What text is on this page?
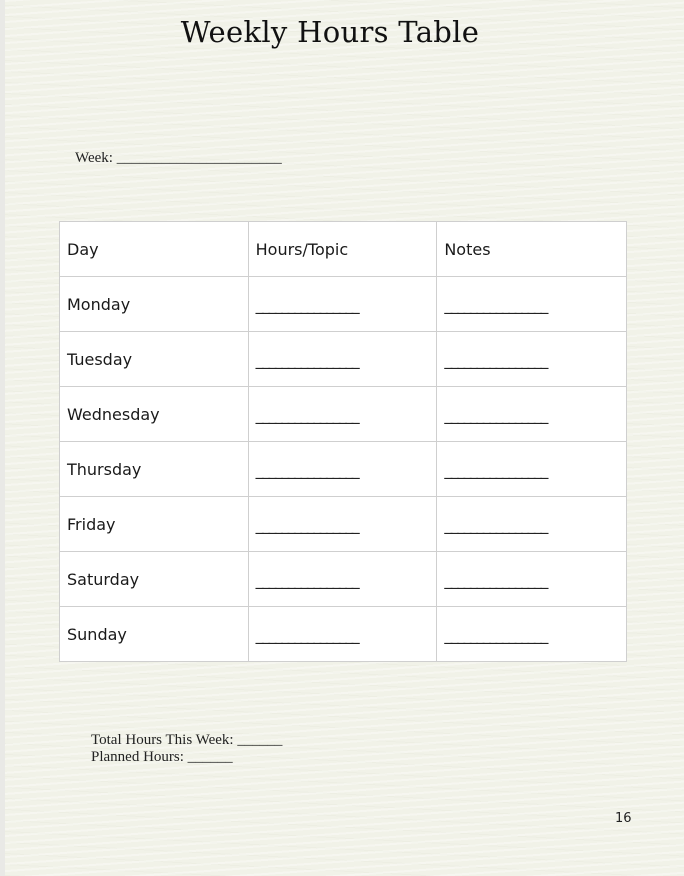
Weekly Hours Table
Week: ______________________
Day	Hours/Topic	Notes
Monday	________________	________________
Tuesday	________________	________________
Wednesday	________________	________________
Thursday	________________	________________
Friday	________________	________________
Saturday	________________	________________
Sunday	________________	________________
Total Hours This Week: ______
Planned Hours: ______
16
